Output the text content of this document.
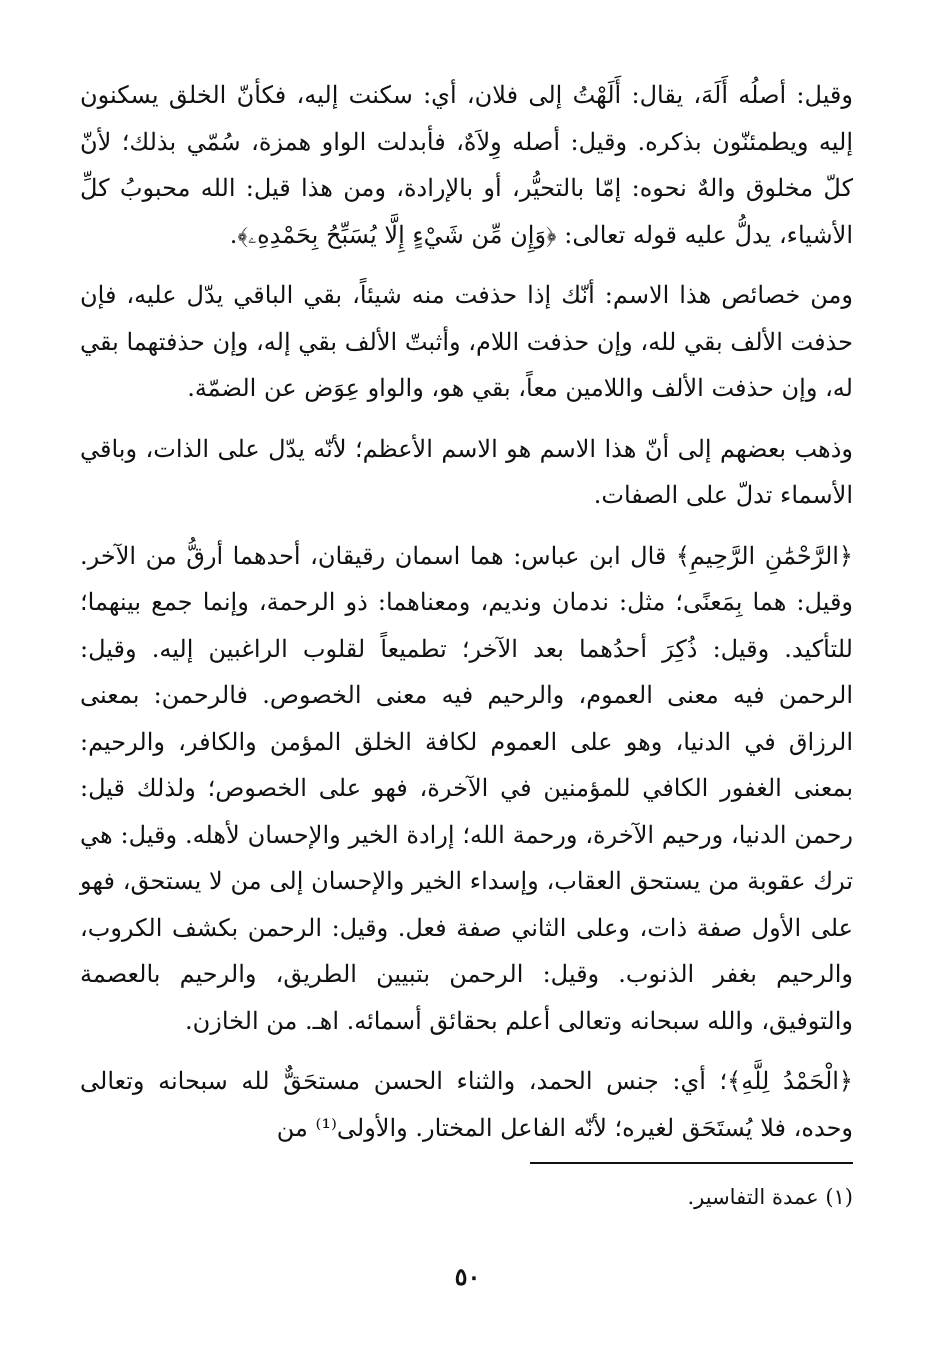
وقيل: أصلُه أَلَهَ، يقال: أَلَهْتُ إلى فلان، أي: سكنت إليه، فكأنّ الخلق يسكنون إليه ويطمئنّون بذكره. وقيل: أصله وِلاَهٌ، فأبدلت الواو همزة، سُمّي بذلك؛ لأنّ كلّ مخلوق والهٌ نحوه: إمّا بالتحيُّر، أو بالإرادة، ومن هذا قيل: الله محبوبُ كلِّ الأشياء، يدلُّ عليه قوله تعالى: ﴿وَإِن مِّن شَيْءٍ إِلَّا يُسَبِّحُ بِحَمْدِهِۦ﴾.

ومن خصائص هذا الاسم: أنّك إذا حذفت منه شيئاً، بقي الباقي يدّل عليه، فإن حذفت الألف بقي لله، وإن حذفت اللام، وأثبتّ الألف بقي إله، وإن حذفتهما بقي له، وإن حذفت الألف واللامين معاً، بقي هو، والواو عِوَض عن الضمّة.

وذهب بعضهم إلى أنّ هذا الاسم هو الاسم الأعظم؛ لأنّه يدّل على الذات، وباقي الأسماء تدلّ على الصفات.

﴿الرَّحْمَٰنِ الرَّحِيمِ﴾ قال ابن عباس: هما اسمان رقيقان، أحدهما أرقُّ من الآخر. وقيل: هما بِمَعنًى؛ مثل: ندمان ونديم، ومعناهما: ذو الرحمة، وإنما جمع بينهما؛ للتأكيد. وقيل: ذُكِرَ أحدُهما بعد الآخر؛ تطميعاً لقلوب الراغبين إليه. وقيل: الرحمن فيه معنى العموم، والرحيم فيه معنى الخصوص. فالرحمن: بمعنى الرزاق في الدنيا، وهو على العموم لكافة الخلق المؤمن والكافر، والرحيم: بمعنى الغفور الكافي للمؤمنين في الآخرة، فهو على الخصوص؛ ولذلك قيل: رحمن الدنيا، ورحيم الآخرة، ورحمة الله؛ إرادة الخير والإحسان لأهله. وقيل: هي ترك عقوبة من يستحق العقاب، وإسداء الخير والإحسان إلى من لا يستحق، فهو على الأول صفة ذات، وعلى الثاني صفة فعل. وقيل: الرحمن بكشف الكروب، والرحيم بغفر الذنوب. وقيل: الرحمن بتبيين الطريق، والرحيم بالعصمة والتوفيق، والله سبحانه وتعالى أعلم بحقائق أسمائه. اهـ. من الخازن.

﴿الْحَمْدُ لِلَّهِ﴾؛ أي: جنس الحمد، والثناء الحسن مستحَقٌّ لله سبحانه وتعالى وحده، فلا يُستَحَق لغيره؛ لأنّه الفاعل المختار. والأولى⁽¹⁾ من

(١) عمدة التفاسير.
٥٠
